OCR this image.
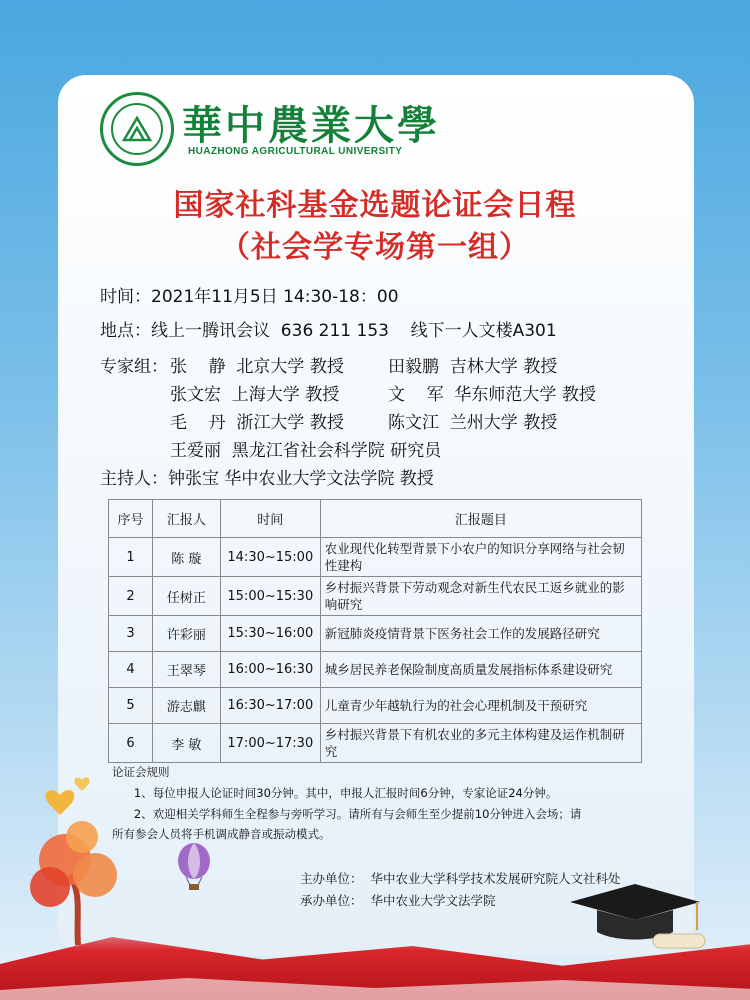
華中農業大學
HUAZHONG AGRICULTURAL UNIVERSITY
国家社科基金选题论证会日程
（社会学专场第一组）
时间：2021年11月5日 14:30-18：00
地点：线上一腾讯会议  636 211 153    线下一人文楼A301
专家组： 张    静  北京大学 教授	田毅鹏  吉林大学 教授
张文宏  上海大学 教授	文    军  华东师范大学 教授
毛    丹  浙江大学 教授	陈文江  兰州大学 教授
王爱丽  黑龙江省社会科学院 研究员
主持人：钟张宝 华中农业大学文法学院 教授
序号	汇报人	时间	汇报题目
1	陈 璇	14:30~15:00	农业现代化转型背景下小农户的知识分享网络与社会韧性建构
2	任树正	15:00~15:30	乡村振兴背景下劳动观念对新生代农民工返乡就业的影响研究
3	许彩丽	15:30~16:00	新冠肺炎疫情背景下医务社会工作的发展路径研究
4	王翠琴	16:00~16:30	城乡居民养老保险制度高质量发展指标体系建设研究
5	游志麒	16:30~17:00	儿童青少年越轨行为的社会心理机制及干预研究
6	李 敏	17:00~17:30	乡村振兴背景下有机农业的多元主体构建及运作机制研究
论证会规则
1、每位申报人论证时间30分钟。其中，申报人汇报时间6分钟，专家论证24分钟。
2、欢迎相关学科师生全程参与旁听学习。请所有与会师生至少提前10分钟进入会场；请
所有参会人员将手机调成静音或振动模式。
主办单位：  华中农业大学科学技术发展研究院人文社科处
承办单位：  华中农业大学文法学院
